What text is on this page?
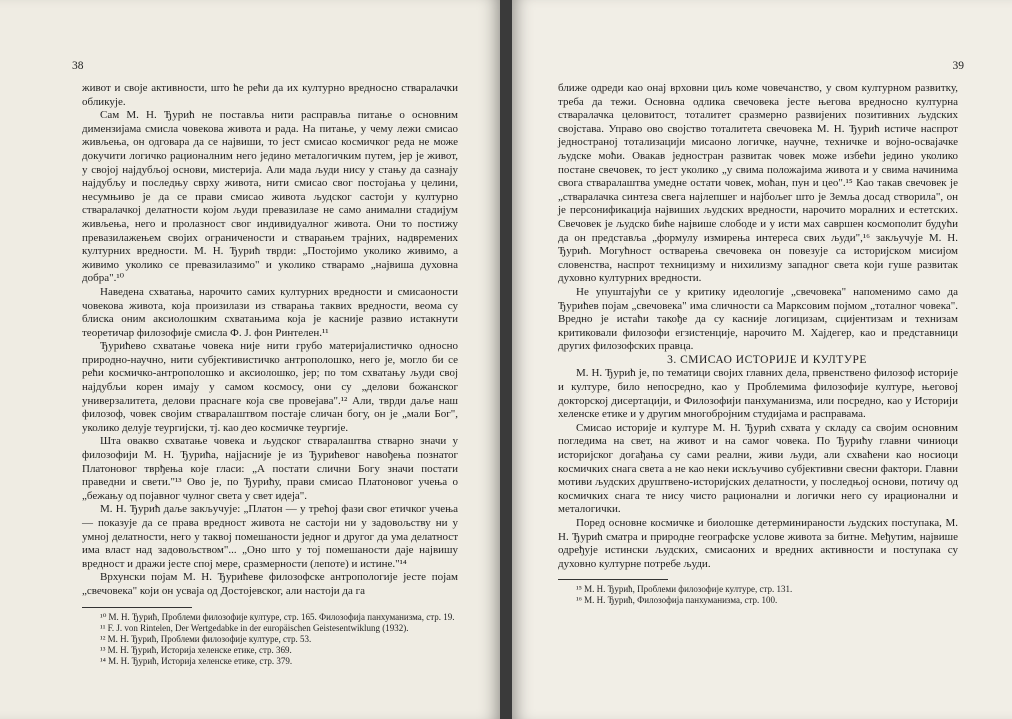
38

живот и своје активности, што ће рећи да их културно вредносно стваралачки обликује.

Сам М. Н. Ђурић не поставља нити расправља питање о основним димензијама смисла човекова живота и рада. На питање, у чему лежи смисао живљења, он одговара да се највиши, то јест смисао космичког реда не може докучити логичко рационалним него једино металогичким путем, јер је живот, у својој најдубљој основи, мистерија. Али мада људи нису у стању да сазнају најдубљу и последњу сврху живота, нити смисао свог постојања у целини, несумњиво је да се прави смисао живота људског састоји у културно стваралачкој делатности којом људи превазилазе не само анимални стадијум живљења, него и пролазност свог индивидуалног живота. Они то постижу превазилажењем својих ограничености и стварањем трајних, надвремених културних вредности. М. Н. Ђурић тврди: „Постојимо уколико живимо, а живимо уколико се превазилазимо" и уколико стварамо „највиша духовна добра".¹⁰

Наведена схватања, нарочито самих културних вредности и смисаоности човекова живота, која произилази из стварања таквих вредности, веома су блиска оним аксиолошким схватањима која је касније развио истакнути теоретичар филозофије смисла Ф. Ј. фон Ринтелен.¹¹

Ђурићево схватање човека није нити грубо материјалистичко односно природно-научно, нити субјективистичко антрополошко, него је, могло би се рећи космичко-антрополошко и аксиолошко, јер; по том схватању људи свој најдубљи корен имају у самом космосу, они су „делови божанског универзалитета, делови праснаге која све провејава".¹² Али, тврди даље наш филозоф, човек својим стваралаштвом постаје сличан богу, он је „мали Бог", уколико делује теургијски, тј. као део космичке теургије.

Шта овакво схватање човека и људског стваралаштва стварно значи у филозофији М. Н. Ђурића, најјасније је из Ђурићевог навођења познатог Платоновог тврђења које гласи: „А постати слични Богу значи постати праведни и свети."¹³ Ово је, по Ђурићу, прави смисао Платоновог учења о „бежању од појавног чулног света у свет идеја".

М. Н. Ђурић даље закључује: „Платон — у трећој фази свог етичког учења — показује да се права вредност живота не састоји ни у задовољству ни у умној делатности, него у таквој помешаности једног и другог да ума делатност има власт над задовољством"... „Оно што у тој помешаности даје највишу вредност и дражи јесте спој мере, сразмерности (лепоте) и истине."¹⁴

Врхунски појам М. Н. Ђурићеве филозофске антропологије јесте појам „свечовека" који он усваја од Достојевског, али настоји да га

¹⁰ М. Н. Ђурић, Проблеми филозофије културе, стр. 165. Филозофија панхуманизма, стр. 19.

¹¹ F. J. von Rintelen, Der Wertgedabke in der europäischen Geistesentwiklung (1932).

¹² М. Н. Ђурић, Проблеми филозофије културе, стр. 53.

¹³ М. Н. Ђурић, Историја хеленске етике, стр. 369.

¹⁴ М. Н. Ђурић, Историја хеленске етике, стр. 379.

39

ближе одреди као онај врховни циљ коме човечанство, у свом културном развитку, треба да тежи. Основна одлика свечовека јесте његова вредносно културна стваралачка целовитост, тоталитет сразмерно развијених позитивних људских својстава. Управо ово својство тоталитета свечовека М. Н. Ђурић истиче наспрот једностраној тотализацији мисаоно логичке, научне, техничке и војно-освајачке људске моћи. Овакав једностран развитак човек може избећи једино уколико постане свечовек, то јест уколико „у свима положајима живота и у свима начинима свога стваралаштва умедне остати човек, моћан, пун и цео".¹⁵ Као такав свечовек је „стваралачка синтеза свега најлепшег и најбољег што је Земља досад створила", он је персонификација највиших људских вредности, нарочито моралних и естетских. Свечовек је људско биће највише слободе и у исти мах савршен космополит будући да он представља „формулу измирења интереса свих људи",¹⁶ закључује М. Н. Ђурић. Могућност остварења свечовека он повезује са историјском мисијом словенства, наспрот техницизму и нихилизму западног света који гуше развитак духовно културних вредности.

Не упуштајући се у критику идеологије „свечовека" напоменимо само да Ђурићев појам „свечовека" има сличности са Марксовим појмом „тоталног човека". Вредно је истаћи такође да су касније логицизам, сцијентизам и технизам критиковали филозофи егзистенције, нарочито М. Хајдегер, као и представници других филозофских правца.

3. СМИСАО ИСТОРИЈЕ И КУЛТУРЕ

М. Н. Ђурић је, по тематици својих главних дела, првенствено филозоф историје и културе, било непосредно, као у Проблемима филозофије културе, његовој докторској дисертацији, и Филозофији панхуманизма, или посредно, као у Историји хеленске етике и у другим многобројним студијама и расправама.

Смисао историје и културе М. Н. Ђурић схвата у складу са својим основним погледима на свет, на живот и на самог човека. По Ђурићу главни чиниоци историјског догађања су сами реални, живи људи, али схваћени као носиоци космичких снага света а не као неки искључиво субјективни свесни фактори. Главни мотиви људских друштвено-историјских делатности, у последњој основи, потичу од космичких снага те нису чисто рационални и логички него су ирационални и металогички.

Поред основне космичке и биолошке детерминираности људских поступака, М. Н. Ђурић сматра и природне географске услове живота за битне. Међутим, највише одређује истински људских, смисаоних и вредних активности и поступака су духовно културне потребе људи.

¹⁵ М. Н. Ђурић, Проблеми филозофије културе, стр. 131.

¹⁶ М. Н. Ђурић, Филозофија панхуманизма, стр. 100.
